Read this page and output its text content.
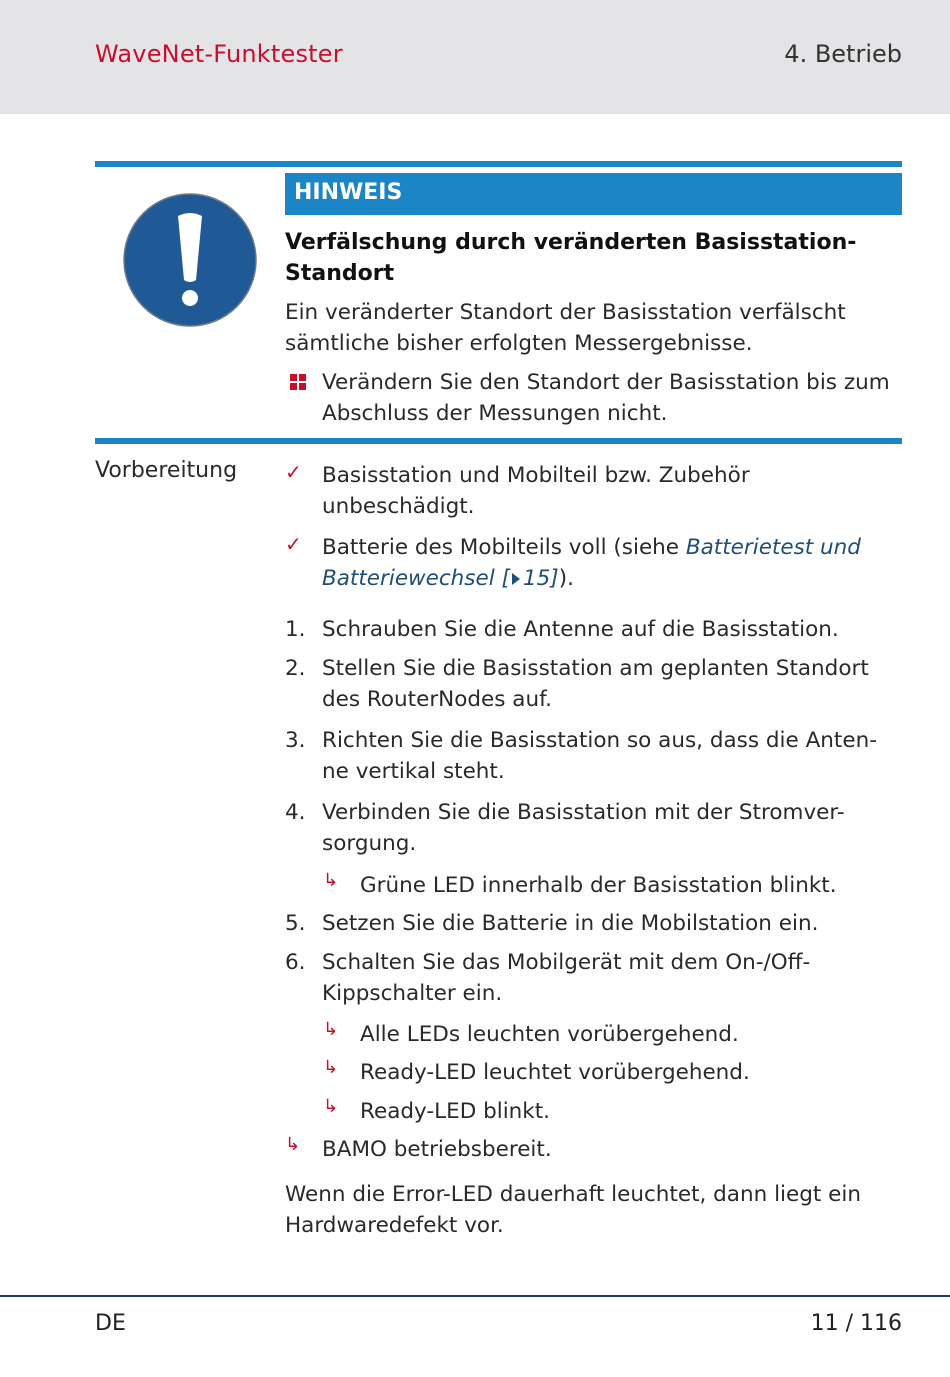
WaveNet-Funktester	4. Betrieb
HINWEIS
Verfälschung durch veränderten Basisstation-Standort
Ein veränderter Standort der Basisstation verfälscht sämtliche bisher erfolgten Messergebnisse.
Verändern Sie den Standort der Basisstation bis zum Abschluss der Messungen nicht.
Vorbereitung ✓ Basisstation und Mobilteil bzw. Zubehör unbeschädigt.
✓ Batterie des Mobilteils voll (siehe Batterietest und Batteriewechsel [ 15]).
1. Schrauben Sie die Antenne auf die Basisstation.
2. Stellen Sie die Basisstation am geplanten Standort des RouterNodes auf.
3. Richten Sie die Basisstation so aus, dass die Anten-ne vertikal steht.
4. Verbinden Sie die Basisstation mit der Stromver-sorgung.
↳	Grüne LED innerhalb der Basisstation blinkt.
5. Setzen Sie die Batterie in die Mobilstation ein.
6. Schalten Sie das Mobilgerät mit dem On-/Off-Kippschalter ein.
↳	Alle LEDs leuchten vorübergehend.
↳	Ready-LED leuchtet vorübergehend.
↳	Ready-LED blinkt.
↳	BAMO betriebsbereit.
Wenn die Error-LED dauerhaft leuchtet, dann liegt ein Hardwaredefekt vor.
DE	11 / 116
